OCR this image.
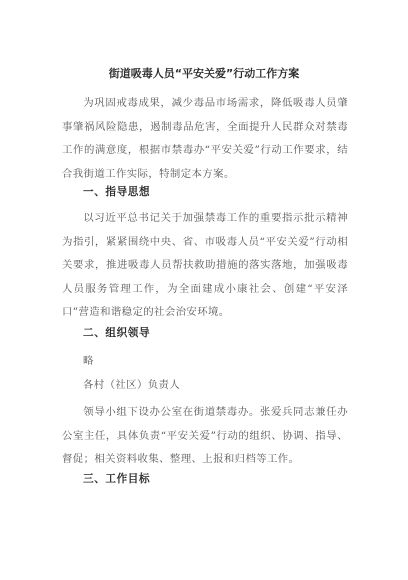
街道吸毒人员“平安关爱”行动工作方案
为巩固戒毒成果，减少毒品市场需求，降低吸毒人员肇事肇祸风险隐患，遏制毒品危害，全面提升人民群众对禁毒工作的满意度，根据市禁毒办“平安关爱”行动工作要求，结合我街道工作实际，特制定本方案。
一、指导思想
以习近平总书记关于加强禁毒工作的重要指示批示精神为指引，紧紧围绕中央、省、市吸毒人员“平安关爱”行动相关要求，推进吸毒人员帮扶救助措施的落实落地，加强吸毒人员服务管理工作，为全面建成小康社会、创建“平安泽口”营造和谐稳定的社会治安环境。
二、组织领导
略
各村（社区）负责人
领导小组下设办公室在街道禁毒办。张爱兵同志兼任办公室主任，具体负责“平安关爱”行动的组织、协调、指导、督促；相关资料收集、整理、上报和归档等工作。
三、工作目标
